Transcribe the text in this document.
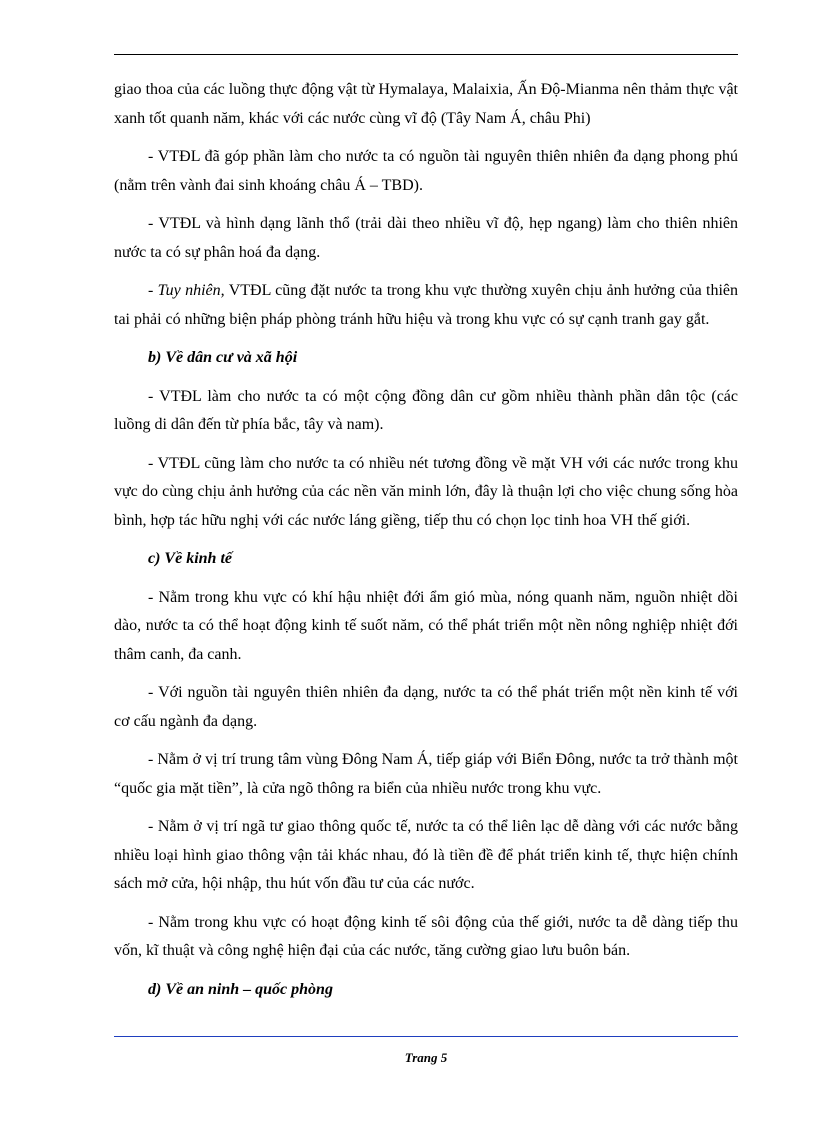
giao thoa của các luồng thực động vật từ Hymalaya, Malaixia, Ấn Độ-Mianma nên thảm thực vật xanh tốt quanh năm, khác với các nước cùng vĩ độ (Tây Nam Á, châu Phi)

- VTĐL đã góp phần làm cho nước ta có nguồn tài nguyên thiên nhiên đa dạng phong phú (nằm trên vành đai sinh khoáng châu Á – TBD).

- VTĐL và hình dạng lãnh thổ (trải dài theo nhiều vĩ độ, hẹp ngang) làm cho thiên nhiên nước ta có sự phân hoá đa dạng.

- Tuy nhiên, VTĐL cũng đặt nước ta trong khu vực thường xuyên chịu ảnh hưởng của thiên tai phải có những biện pháp phòng tránh hữu hiệu và trong khu vực có sự cạnh tranh gay gắt.

b) Về dân cư và xã hội

- VTĐL làm cho nước ta có một cộng đồng dân cư gồm nhiều thành phần dân tộc (các luồng di dân đến từ phía bắc, tây và nam).

- VTĐL cũng làm cho nước ta có nhiều nét tương đồng về mặt VH với các nước trong khu vực do cùng chịu ảnh hưởng của các nền văn minh lớn, đây là thuận lợi cho việc chung sống hòa bình, hợp tác hữu nghị với các nước láng giềng, tiếp thu có chọn lọc tinh hoa VH thế giới.

c) Về kinh tế

- Nằm trong khu vực có khí hậu nhiệt đới ẩm gió mùa, nóng quanh năm, nguồn nhiệt dồi dào, nước ta có thể hoạt động kinh tế suốt năm, có thể phát triển một nền nông nghiệp nhiệt đới thâm canh, đa canh.

- Với nguồn tài nguyên thiên nhiên đa dạng, nước ta có thể phát triển một nền kinh tế với cơ cấu ngành đa dạng.

- Nằm ở vị trí trung tâm vùng Đông Nam Á, tiếp giáp với Biển Đông, nước ta trở thành một “quốc gia mặt tiền”, là cửa ngõ thông ra biển của nhiều nước trong khu vực.

- Nằm ở vị trí ngã tư giao thông quốc tế, nước ta có thể liên lạc dễ dàng với các nước bằng nhiều loại hình giao thông vận tải khác nhau, đó là tiền đề để phát triển kinh tế, thực hiện chính sách mở cửa, hội nhập, thu hút vốn đầu tư của các nước.

- Nằm trong khu vực có hoạt động kinh tế sôi động của thế giới, nước ta dễ dàng tiếp thu vốn, kĩ thuật và công nghệ hiện đại của các nước, tăng cường giao lưu buôn bán.

d) Về an ninh – quốc phòng
Trang 5
